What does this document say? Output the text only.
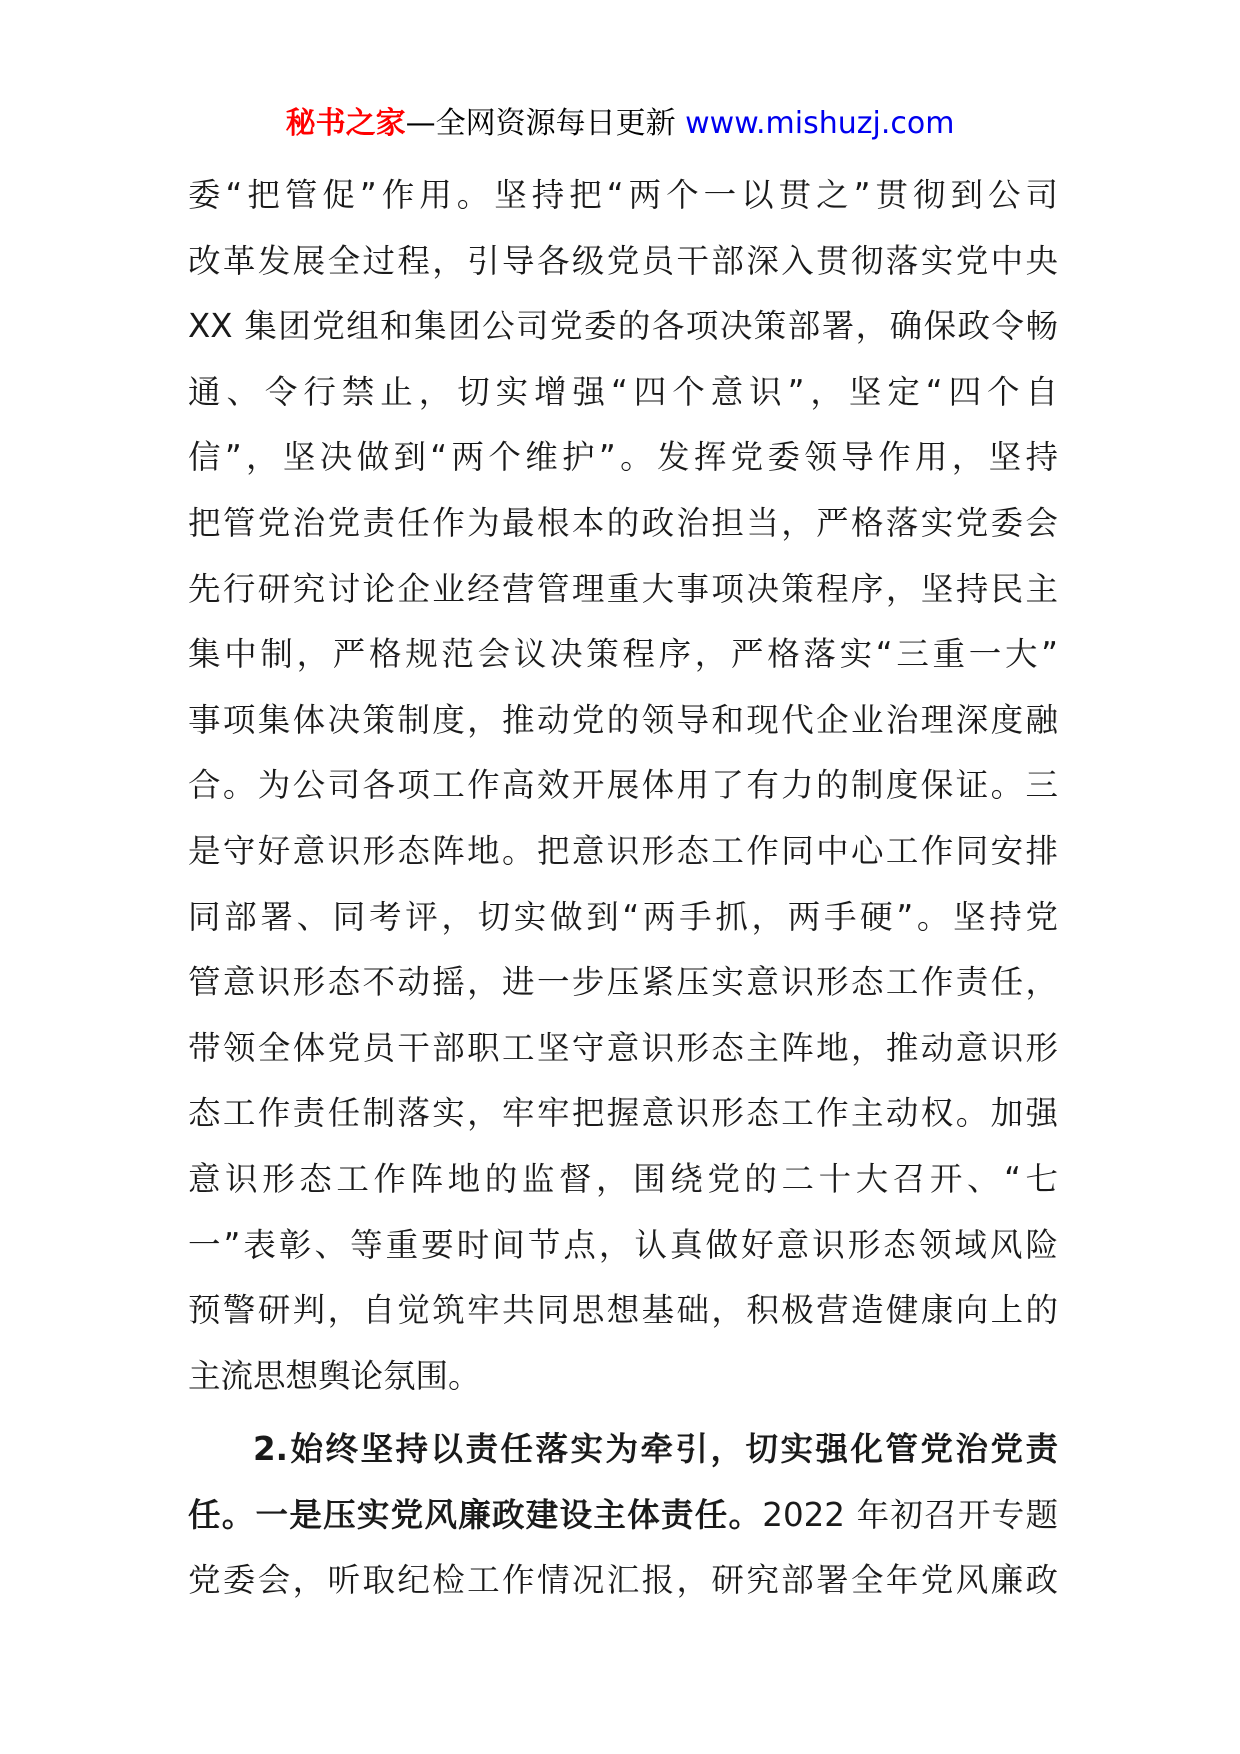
秘书之家—全网资源每日更新 www.mishuzj.com
委“把管促”作用。坚持把“两个一以贯之”贯彻到公司
改革发展全过程，引导各级党员干部深入贯彻落实党中央
XX 集团党组和集团公司党委的各项决策部署，确保政令畅
通、令行禁止，切实增强“四个意识”，坚定“四个自
信”，坚决做到“两个维护”。发挥党委领导作用，坚持
把管党治党责任作为最根本的政治担当，严格落实党委会
先行研究讨论企业经营管理重大事项决策程序，坚持民主
集中制，严格规范会议决策程序，严格落实“三重一大”
事项集体决策制度，推动党的领导和现代企业治理深度融
合。为公司各项工作高效开展体用了有力的制度保证。三
是守好意识形态阵地。把意识形态工作同中心工作同安排
同部署、同考评，切实做到“两手抓，两手硬”。坚持党
管意识形态不动摇，进一步压紧压实意识形态工作责任，
带领全体党员干部职工坚守意识形态主阵地，推动意识形
态工作责任制落实，牢牢把握意识形态工作主动权。加强
意识形态工作阵地的监督，围绕党的二十大召开、“七
一”表彰、等重要时间节点，认真做好意识形态领域风险
预警研判，自觉筑牢共同思想基础，积极营造健康向上的
主流思想舆论氛围。
2.始终坚持以责任落实为牵引，切实强化管党治党责
任。一是压实党风廉政建设主体责任。2022 年初召开专题
党委会，听取纪检工作情况汇报，研究部署全年党风廉政
